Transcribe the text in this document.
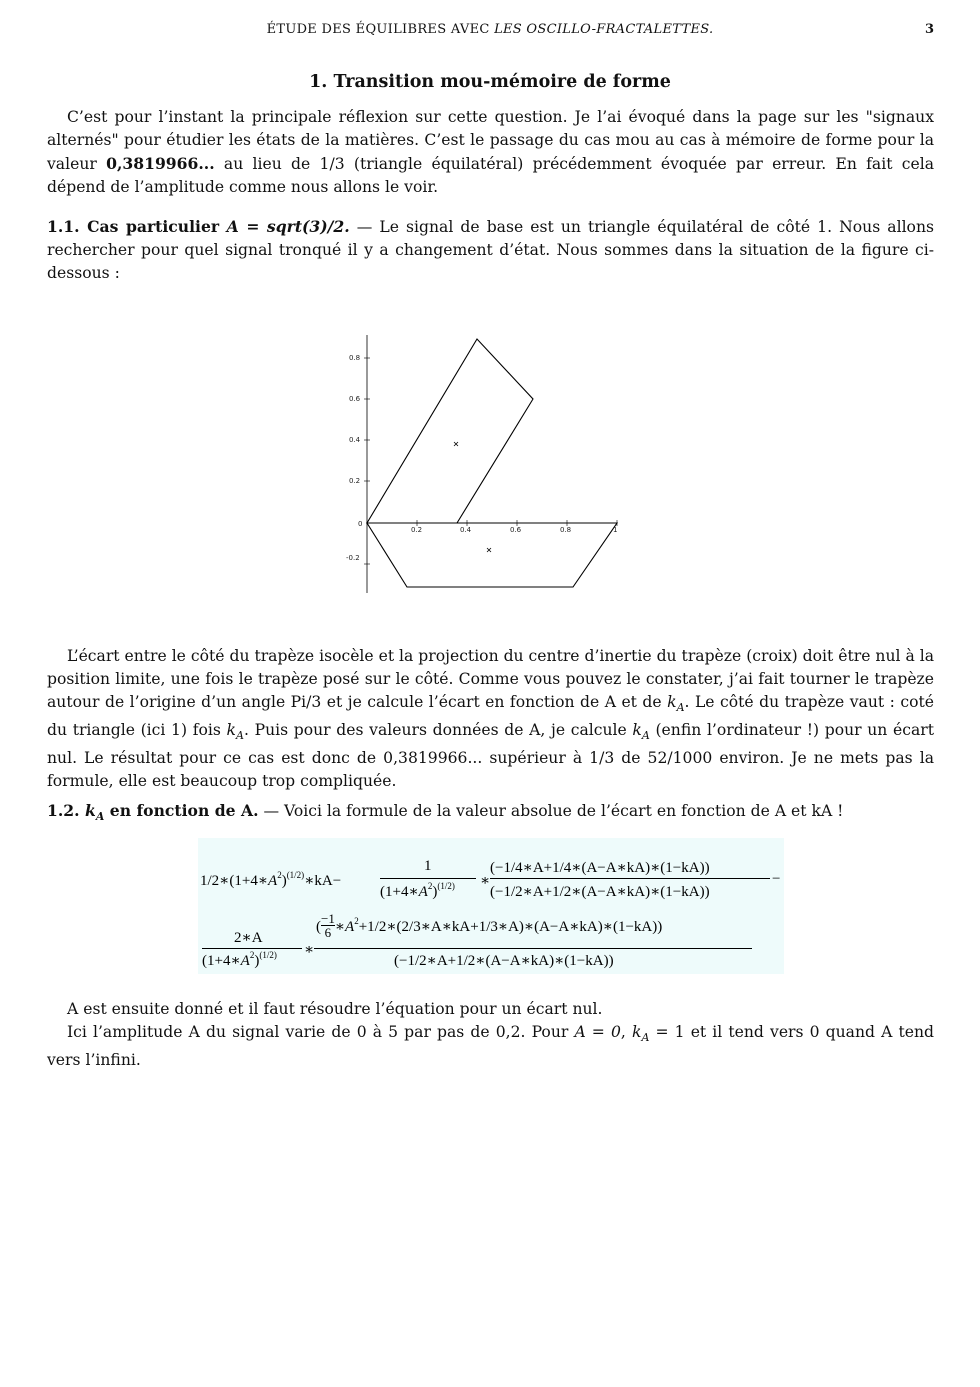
ÉTUDE DES ÉQUILIBRES AVEC LES OSCILLO-FRACTALETTES.	3
1. Transition mou-mémoire de forme

C’est pour l’instant la principale réflexion sur cette question. Je l’ai évoqué dans la page sur les "signaux alternés" pour étudier les états de la matières. C’est le passage du cas mou au cas à mémoire de forme pour la valeur 0,3819966... au lieu de 1/3 (triangle équilatéral) précédemment évoquée par erreur. En fait cela dépend de l’amplitude comme nous allons le voir.

1.1. Cas particulier A = sqrt(3)/2. — Le signal de base est un triangle équilatéral de côté 1. Nous allons rechercher pour quel signal tronqué il y a changement d’état. Nous sommes dans la situation de la figure ci-dessous :

0.8
0.6
0.4
0.2
0
-0.2
0.2	0.4	0.6	0.8	1

L’écart entre le côté du trapèze isocèle et la projection du centre d’inertie du trapèze (croix) doit être nul à la position limite, une fois le trapèze posé sur le côté. Comme vous pouvez le constater, j’ai fait tourner le trapèze autour de l’origine d’un angle Pi/3 et je calcule l’écart en fonction de A et de $k_A$. Le côté du trapèze vaut : coté du triangle (ici 1) fois $k_A$. Puis pour des valeurs données de A, je calcule $k_A$ (enfin l’ordinateur !) pour un écart nul. Le résultat pour ce cas est donc de 0,3819966... supérieur à 1/3 de 52/1000 environ. Je ne mets pas la formule, elle est beaucoup trop compliquée.

1.2. $k_A$ en fonction de A. — Voici la formule de la valeur absolue de l’écart en fonction de A et kA !

$1/2∗(1+4∗A^2)^{(1/2)}∗kA-$
1
$(1+4∗A^2)^{(1/2)}$ ∗
(−1/4∗A+1/4∗(A−A∗kA)∗(1−kA))
(−1/2∗A+1/2∗(A−A∗kA)∗(1−kA))
−
2∗A
$(1+4∗A^2)^{(1/2)}$ ∗
( $\frac{-1}{6}$ $∗A^2+1/2∗(2/3∗A∗kA+1/3∗A)∗(A-A∗kA)∗(1-kA)$)
(−1/2∗A+1/2∗(A−A∗kA)∗(1−kA))

A est ensuite donné et il faut résoudre l’équation pour un écart nul.

Ici l’amplitude A du signal varie de 0 à 5 par pas de 0,2. Pour A = 0, $k_A = 1$ et il tend vers 0 quand A tend vers l’infini.
